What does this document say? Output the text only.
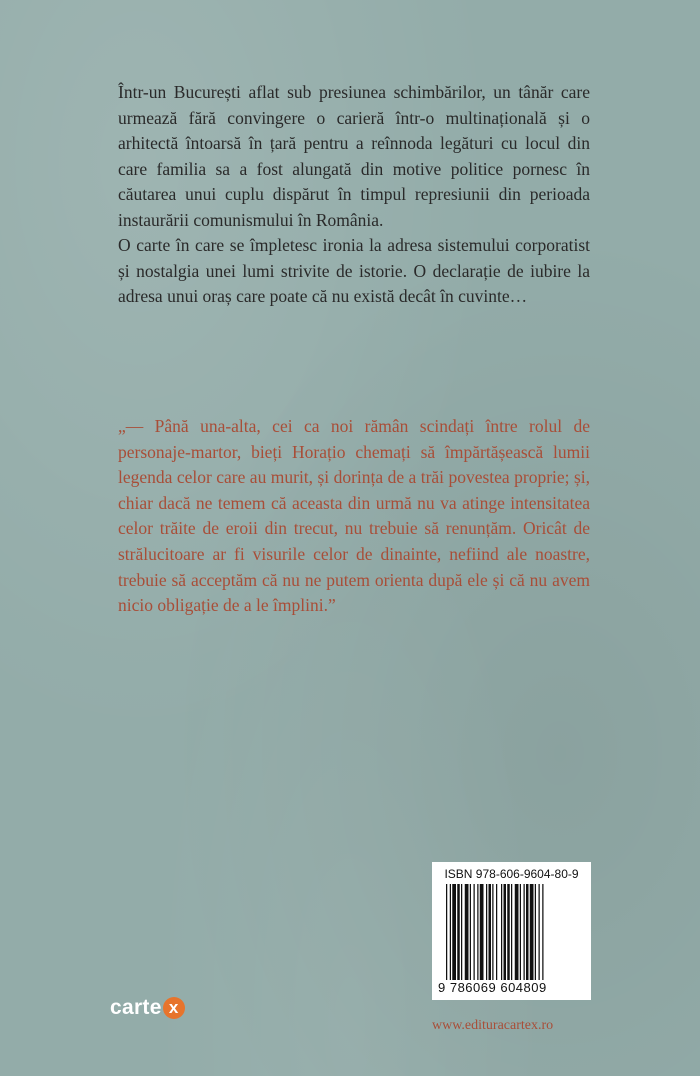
Într-un București aflat sub presiunea schimbărilor, un tânăr care urmează fără convingere o carieră într-o multinațională și o arhitectă întoarsă în țară pentru a reînnoda legături cu locul din care familia sa a fost alungată din motive politice pornesc în căutarea unui cuplu dispărut în timpul represiunii din perioada instaurării comunismului în România.

O carte în care se împletesc ironia la adresa sistemului corporatist și nostalgia unei lumi strivite de istorie. O declarație de iubire la adresa unui oraș care poate că nu există decât în cuvinte…

„— Până una-alta, cei ca noi rămân scindați între rolul de personaje-martor, bieți Horațio chemați să împărtășească lumii legenda celor care au murit, și dorința de a trăi povestea proprie; și, chiar dacă ne temem că aceasta din urmă nu va atinge intensitatea celor trăite de eroii din trecut, nu trebuie să renunțăm. Oricât de strălucitoare ar fi visurile celor de dinainte, nefiind ale noastre, trebuie să acceptăm că nu ne putem orienta după ele și că nu avem nicio obligație de a le împlini.”

ISBN 978-606-9604-80-9
9 786069 604809
carte x
www.edituracartex.ro
